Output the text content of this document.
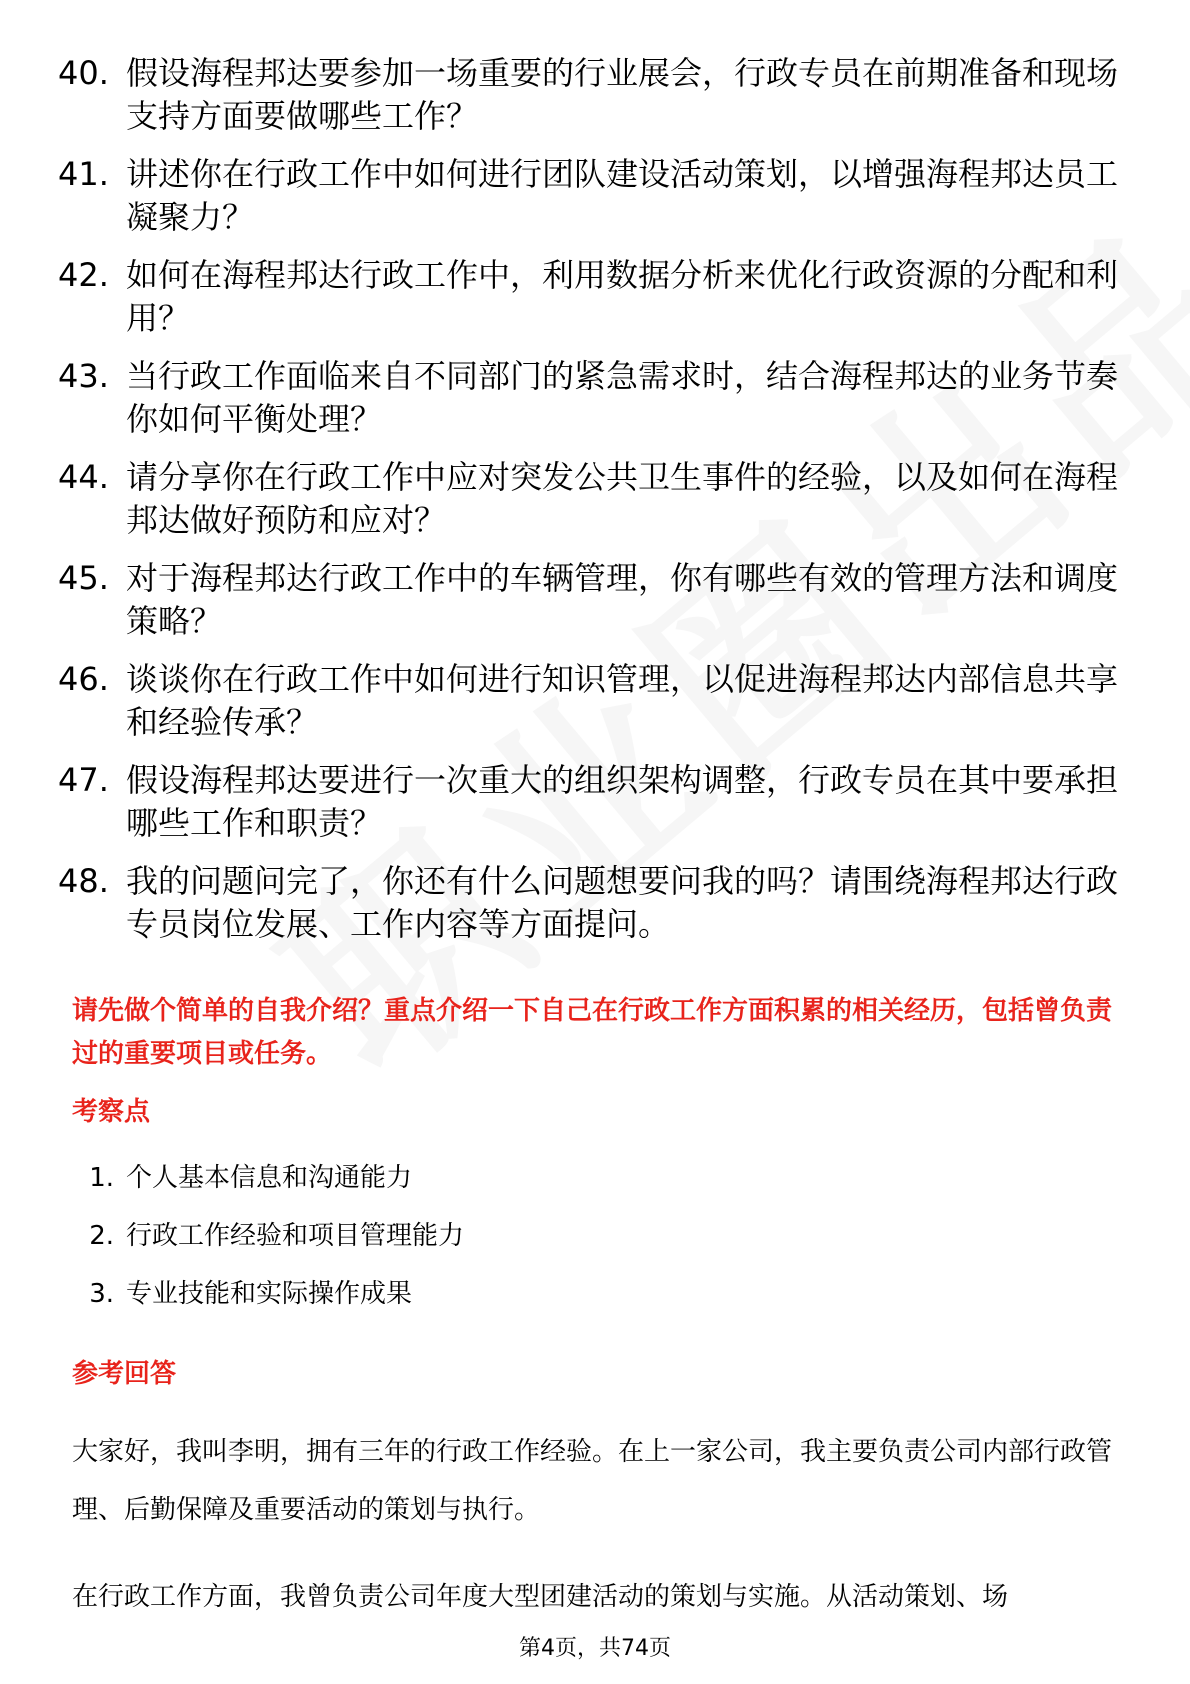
40. 假设海程邦达要参加一场重要的行业展会，行政专员在前期准备和现场支持方面要做哪些工作？
41. 讲述你在行政工作中如何进行团队建设活动策划，以增强海程邦达员工凝聚力？
42. 如何在海程邦达行政工作中，利用数据分析来优化行政资源的分配和利用？
43. 当行政工作面临来自不同部门的紧急需求时，结合海程邦达的业务节奏你如何平衡处理？
44. 请分享你在行政工作中应对突发公共卫生事件的经验，以及如何在海程邦达做好预防和应对？
45. 对于海程邦达行政工作中的车辆管理，你有哪些有效的管理方法和调度策略？
46. 谈谈你在行政工作中如何进行知识管理，以促进海程邦达内部信息共享和经验传承？
47. 假设海程邦达要进行一次重大的组织架构调整，行政专员在其中要承担哪些工作和职责？
48. 我的问题问完了，你还有什么问题想要问我的吗？请围绕海程邦达行政专员岗位发展、工作内容等方面提问。
请先做个简单的自我介绍？重点介绍一下自己在行政工作方面积累的相关经历，包括曾负责过的重要项目或任务。
考察点
1. 个人基本信息和沟通能力
2. 行政工作经验和项目管理能力
3. 专业技能和实际操作成果
参考回答

大家好，我叫李明，拥有三年的行政工作经验。在上一家公司，我主要负责公司内部行政管理、后勤保障及重要活动的策划与执行。

在行政工作方面，我曾负责公司年度大型团建活动的策划与实施。从活动策划、场

第4页，共74页
